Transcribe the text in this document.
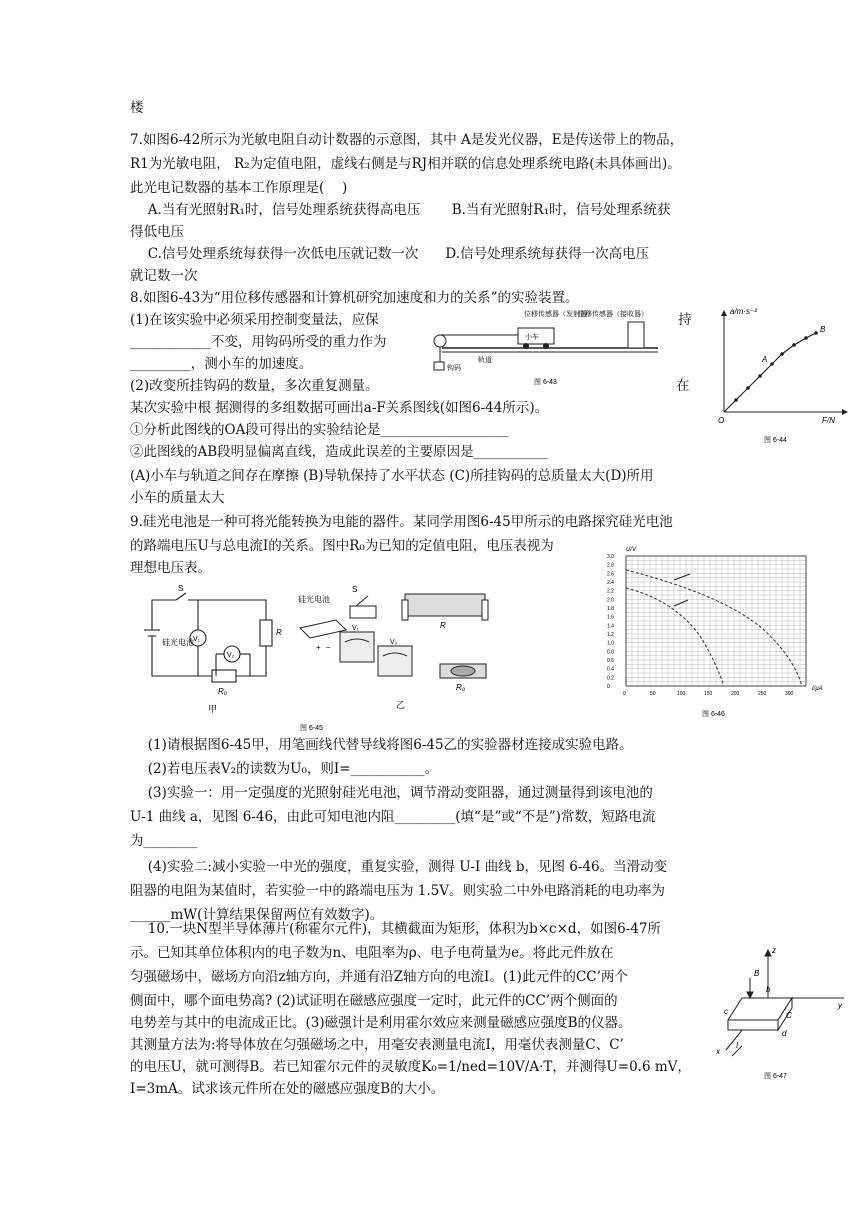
楼
7.如图6-42所示为光敏电阻自动计数器的示意图，其中 A是发光仪器，E是传送带上的物品，
R1为光敏电阻， R₂为定值电阻，虚线右侧是与RJ相并联的信息处理系统电路(未具体画出)。
此光电记数器的基本工作原理是(　 )
　 A.当有光照射R₁时，信号处理系统获得高电压　　 B.当有光照射R₁时，信号处理系统获
得低电压
　 C.信号处理系统每获得一次低电压就记数一次　　D.信号处理系统每获得一次高电压
就记数一次
8.如图6-43为“用位移传感器和计算机研究加速度和力的关系”的实验装置。
(1)在该实验中必须采用控制变量法，应保	持
____________不变，用钩码所受的重力作为
_________，测小车的加速度。
(2)改变所挂钩码的数量，多次重复测量。	在
某次实验中根 据测得的多组数据可画出a-F关系图线(如图6-44所示)。
①分析此图线的OA段可得出的实验结论是___________________
②此图线的AB段明显偏离直线，造成此误差的主要原因是___________
(A)小车与轨道之间存在摩擦 (B)导轨保持了水平状态 (C)所挂钩码的总质量太大(D)所用
小车的质量太大
9.硅光电池是一种可将光能转换为电能的器件。某同学用图6-45甲所示的电路探究硅光电池
的路端电压U与总电流I的关系。图中R₀为已知的定值电阻，电压表视为
理想电压表。
　 (1)请根据图6-45甲，用笔画线代替导线将图6-45乙的实验器材连接成实验电路。
　 (2)若电压表V₂的读数为U₀，则I=___________。
　 (3)实验一：用一定强度的光照射硅光电池，调节滑动变阻器，通过测量得到该电池的
U-1 曲线 a，见图 6-46，由此可知电池内阻_________(填“是”或“不是”)常数，短路电流
为________
　 (4)实验二:减小实验一中光的强度，重复实验，测得 U-I 曲线 b，见图 6-46。当滑动变
阻器的电阻为某值时，若实验一中的路端电压为 1.5V。则实验二中外电路消耗的电功率为
______mW(计算结果保留两位有效数字)。
　 10.一块N型半导体薄片(称霍尔元件)，其横截面为矩形，体积为b×c×d，如图6-47所
示。已知其单位体积内的电子数为n、电阻率为ρ、电子电荷量为e。将此元件放在
匀强磁场中，磁场方向沿z轴方向，并通有沿Z轴方向的电流I。(1)此元件的CC’两个
侧面中，哪个面电势高? (2)试证明在磁感应强度一定时，此元件的CC’两个侧面的
电势差与其中的电流成正比。(3)磁强计是利用霍尔效应来测量磁感应强度B的仪器。
其测量方法为:将导体放在匀强磁场之中，用毫安表测量电流I，用毫伏表测量C、C’
的电压U，就可测得B。若已知霍尔元件的灵敏度K₀=1/ned=10V/A·T，并测得U=0.6 mV，
I=3mA。试求该元件所在处的磁感应强度B的大小。
位移传感器（发射器）
位移传感器（接收器）
小车
轨道
钩码
图 6-43
a/m·s⁻²
F/N
O
A
B
图 6-44
S
硅光电池 V₁
V₂
R
R₀
甲
硅光电池
+ −
S
R
V₁
V₂
R₀
乙
图 6-45
U/V
I/μA
3.0
2.8
2.6
2.4
2.2
2.0
1.8
1.6
1.4
1.2
1.0
0.8
0.6
0.4
0.2
0
0	50	100	150	200	250	300
图 6-46
z
y
x
B
b
c
d
I
C
图 6-47
